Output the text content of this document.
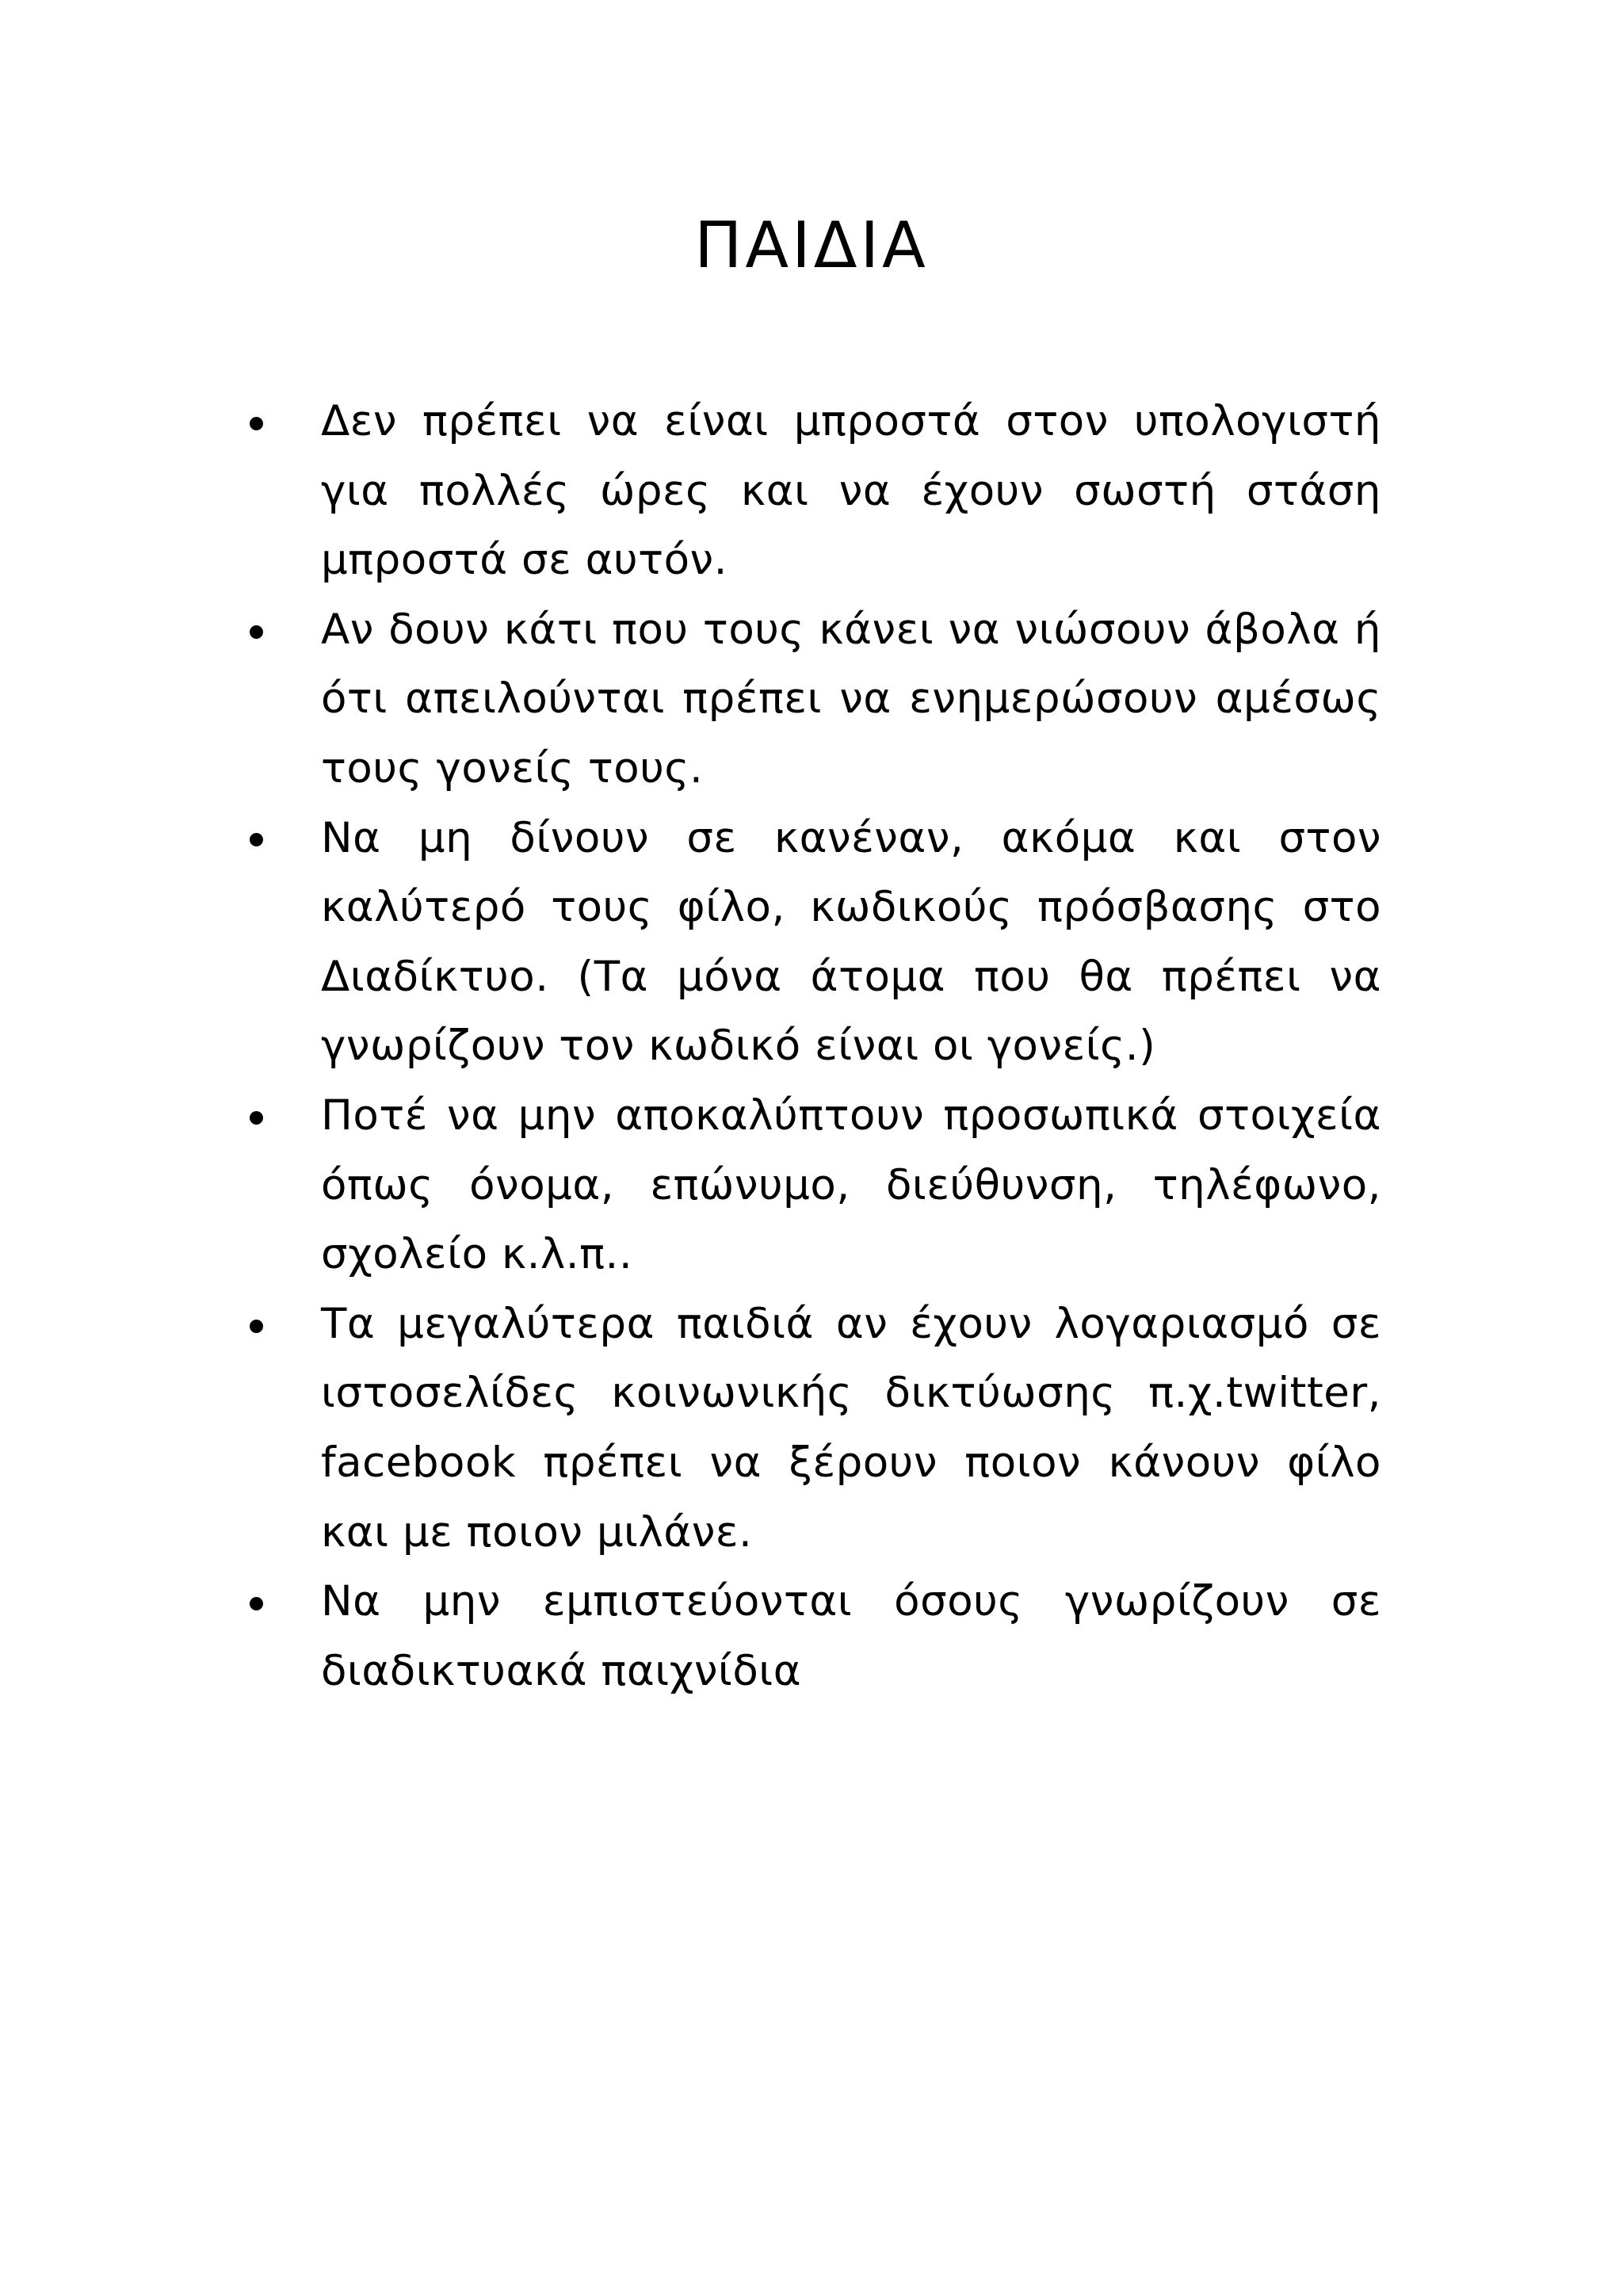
ΠΑΙΔΙΑ
Δεν πρέπει να είναι μπροστά στον υπολογιστή για πολλές ώρες και να έχουν σωστή στάση μπροστά σε αυτόν.
Αν δουν κάτι που τους κάνει να νιώσουν άβολα ή ότι απειλούνται πρέπει να ενημερώσουν αμέσως τους γονείς τους.
Να μη δίνουν σε κανέναν, ακόμα και στον καλύτερό τους φίλο, κωδικούς πρόσβασης στο Διαδίκτυο. (Τα μόνα άτομα που θα πρέπει να γνωρίζουν τον κωδικό είναι οι γονείς.)
Ποτέ να μην αποκαλύπτουν προσωπικά στοιχεία όπως όνομα, επώνυμο, διεύθυνση, τηλέφωνο, σχολείο κ.λ.π..
Τα μεγαλύτερα παιδιά αν έχουν λογαριασμό σε ιστοσελίδες κοινωνικής δικτύωσης π.χ.twitter, facebook πρέπει να ξέρουν ποιον κάνουν φίλο και με ποιον μιλάνε.
Να μην εμπιστεύονται όσους γνωρίζουν σε διαδικτυακά παιχνίδια
